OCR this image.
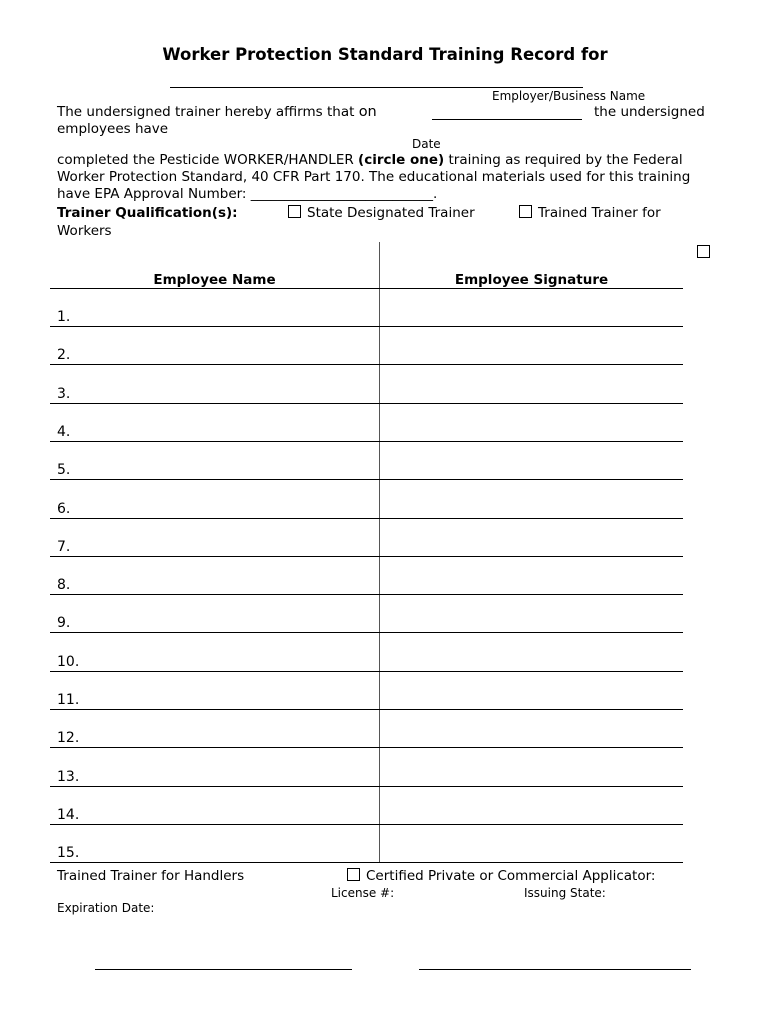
Worker Protection Standard Training Record for
Employer/Business Name
The undersigned trainer hereby affirms that on	the undersigned
employees have
Date
completed the Pesticide WORKER/HANDLER (circle one) training as required by the Federal
Worker Protection Standard, 40 CFR Part 170. The educational materials used for this training
have EPA Approval Number: ___________________________.
Trainer Qualification(s):	State Designated Trainer	Trained Trainer for
Workers
Employee Name	Employee Signature
1.
2.
3.
4.
5.
6.
7.
8.
9.
10.
11.
12.
13.
14.
15.
Trained Trainer for Handlers	Certified Private or Commercial Applicator:
License #:	Issuing State:
Expiration Date:
